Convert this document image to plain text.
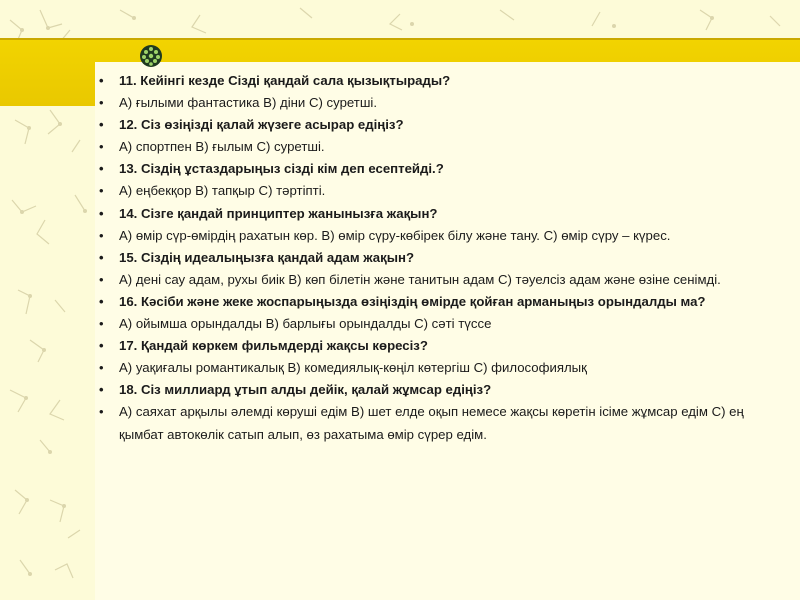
• 11. Кейінгі кезде Сізді қандай сала қызықтырады?
• А) ғылыми фантастика В) діни С) суретші.
• 12. Сіз өзіңізді қалай жүзеге асырар едіңіз?
• А) спортпен В) ғылым С) суретші.
• 13. Сіздің ұстаздарыңыз сізді кім деп есептейді.?
• А) еңбекқор В) тапқыр С) тәртіпті.
• 14. Сізге қандай принциптер жанынызға жақын?
• А) өмір сүр-өмірдің рахатын көр. В) өмір сүру-көбірек білу және тану. С) өмір сүру – күрес.
• 15. Сіздің идеалыңызға қандай адам жақын?
• А) дені сау адам, рухы биік В) көп білетін және танитын адам С) тәуелсіз адам және өзіне сенімді.
• 16. Кәсіби және жеке жоспарыңызда өзіңіздің өмірде қойған арманыңыз орындалды ма?
• А) ойымша орындалды В) барлығы орындалды С) сәті түссе
• 17. Қандай көркем фильмдерді жақсы көресіз?
• А) уақиғалы романтикалық В) комедиялық-көңіл көтергіш С) философиялық
• 18. Сіз миллиард ұтып алды дейік, қалай жұмсар едіңіз?
• А) саяхат арқылы әлемді көруші едім В) шет елде оқып немесе жақсы көретін ісіме жұмсар едім С) ең қымбат автокөлік сатып алып, өз рахатыма өмір сүрер едім.
